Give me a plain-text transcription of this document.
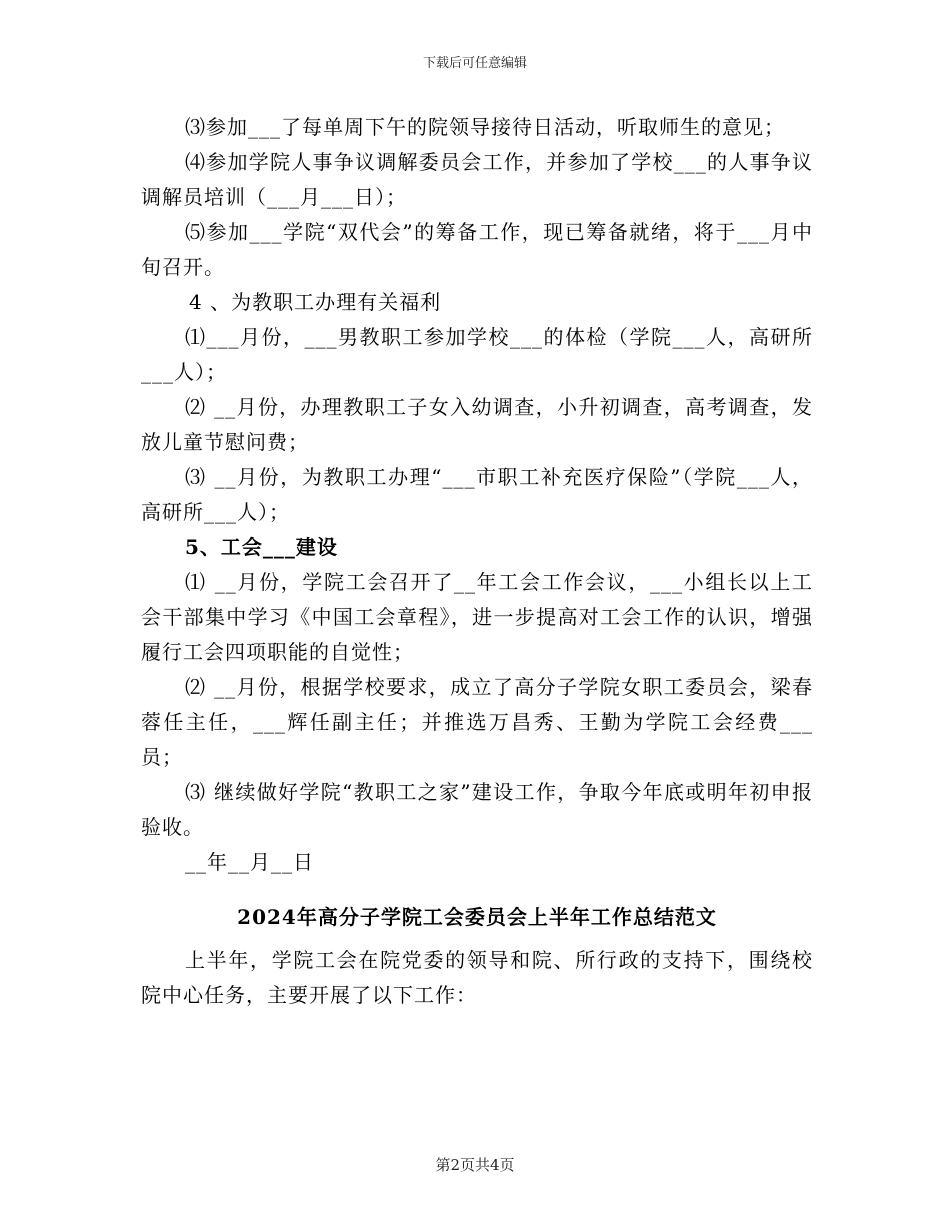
下载后可任意编辑

⑶参加___了每单周下午的院领导接待日活动，听取师生的意见；

⑷参加学院人事争议调解委员会工作，并参加了学校___的人事争议调解员培训（___月___日）；

⑸参加___学院“双代会”的筹备工作，现已筹备就绪，将于___月中旬召开。

4 、为教职工办理有关福利

⑴___月份，___男教职工参加学校___的体检（学院___人，高研所___人）；

⑵ __月份，办理教职工子女入幼调查，小升初调查，高考调查，发放儿童节慰问费；

⑶ __月份，为教职工办理“___市职工补充医疗保险”（学院___人，高研所___人）；

5、工会___建设

⑴ __月份，学院工会召开了__年工会工作会议，___小组长以上工会干部集中学习《中国工会章程》，进一步提高对工会工作的认识，增强履行工会四项职能的自觉性；

⑵ __月份，根据学校要求，成立了高分子学院女职工委员会，梁春蓉任主任，___辉任副主任；并推选万昌秀、王勤为学院工会经费___员；

⑶ 继续做好学院“教职工之家”建设工作，争取今年底或明年初申报验收。

__年__月__日

2024年高分子学院工会委员会上半年工作总结范文

上半年，学院工会在院党委的领导和院、所行政的支持下，围绕校院中心任务，主要开展了以下工作：

第2页共4页
